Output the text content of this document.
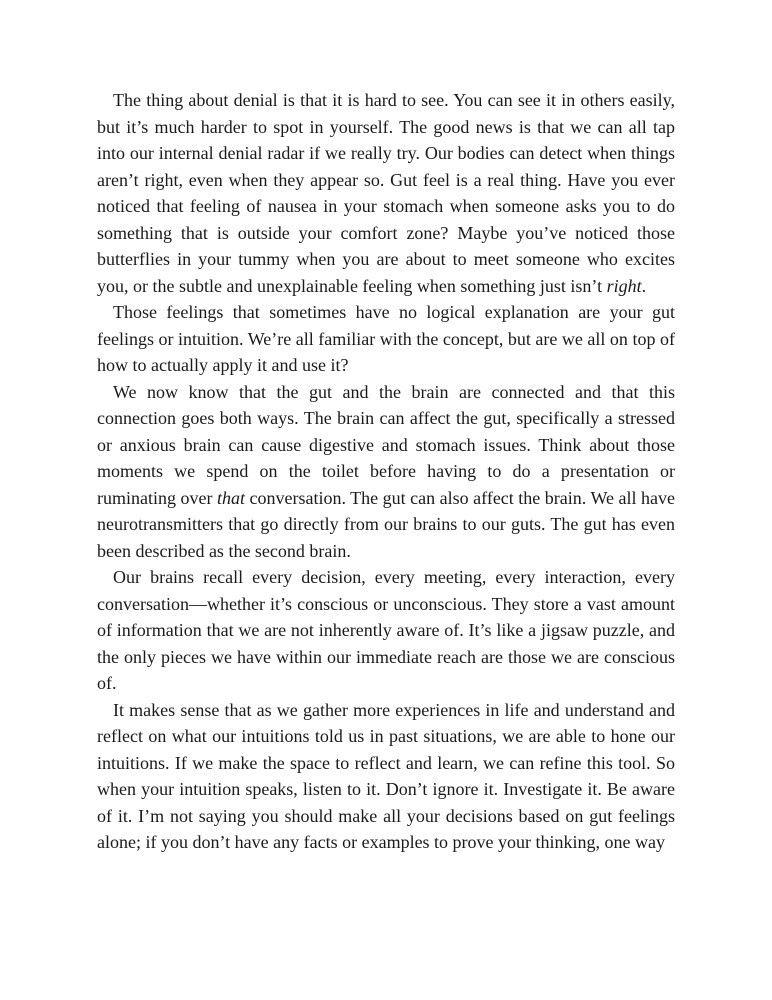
The thing about denial is that it is hard to see. You can see it in others easily, but it’s much harder to spot in yourself. The good news is that we can all tap into our internal denial radar if we really try. Our bodies can detect when things aren’t right, even when they appear so. Gut feel is a real thing. Have you ever noticed that feeling of nausea in your stomach when someone asks you to do something that is outside your comfort zone? Maybe you’ve noticed those butterflies in your tummy when you are about to meet someone who excites you, or the subtle and unexplainable feeling when something just isn’t right.

Those feelings that sometimes have no logical explanation are your gut feelings or intuition. We’re all familiar with the concept, but are we all on top of how to actually apply it and use it?

We now know that the gut and the brain are connected and that this connection goes both ways. The brain can affect the gut, specifically a stressed or anxious brain can cause digestive and stomach issues. Think about those moments we spend on the toilet before having to do a presentation or ruminating over that conversation. The gut can also affect the brain. We all have neurotransmitters that go directly from our brains to our guts. The gut has even been described as the second brain.

Our brains recall every decision, every meeting, every interaction, every conversation—whether it’s conscious or unconscious. They store a vast amount of information that we are not inherently aware of. It’s like a jigsaw puzzle, and the only pieces we have within our immediate reach are those we are conscious of.

It makes sense that as we gather more experiences in life and understand and reflect on what our intuitions told us in past situations, we are able to hone our intuitions. If we make the space to reflect and learn, we can refine this tool. So when your intuition speaks, listen to it. Don’t ignore it. Investigate it. Be aware of it. I’m not saying you should make all your decisions based on gut feelings alone; if you don’t have any facts or examples to prove your thinking, one way
